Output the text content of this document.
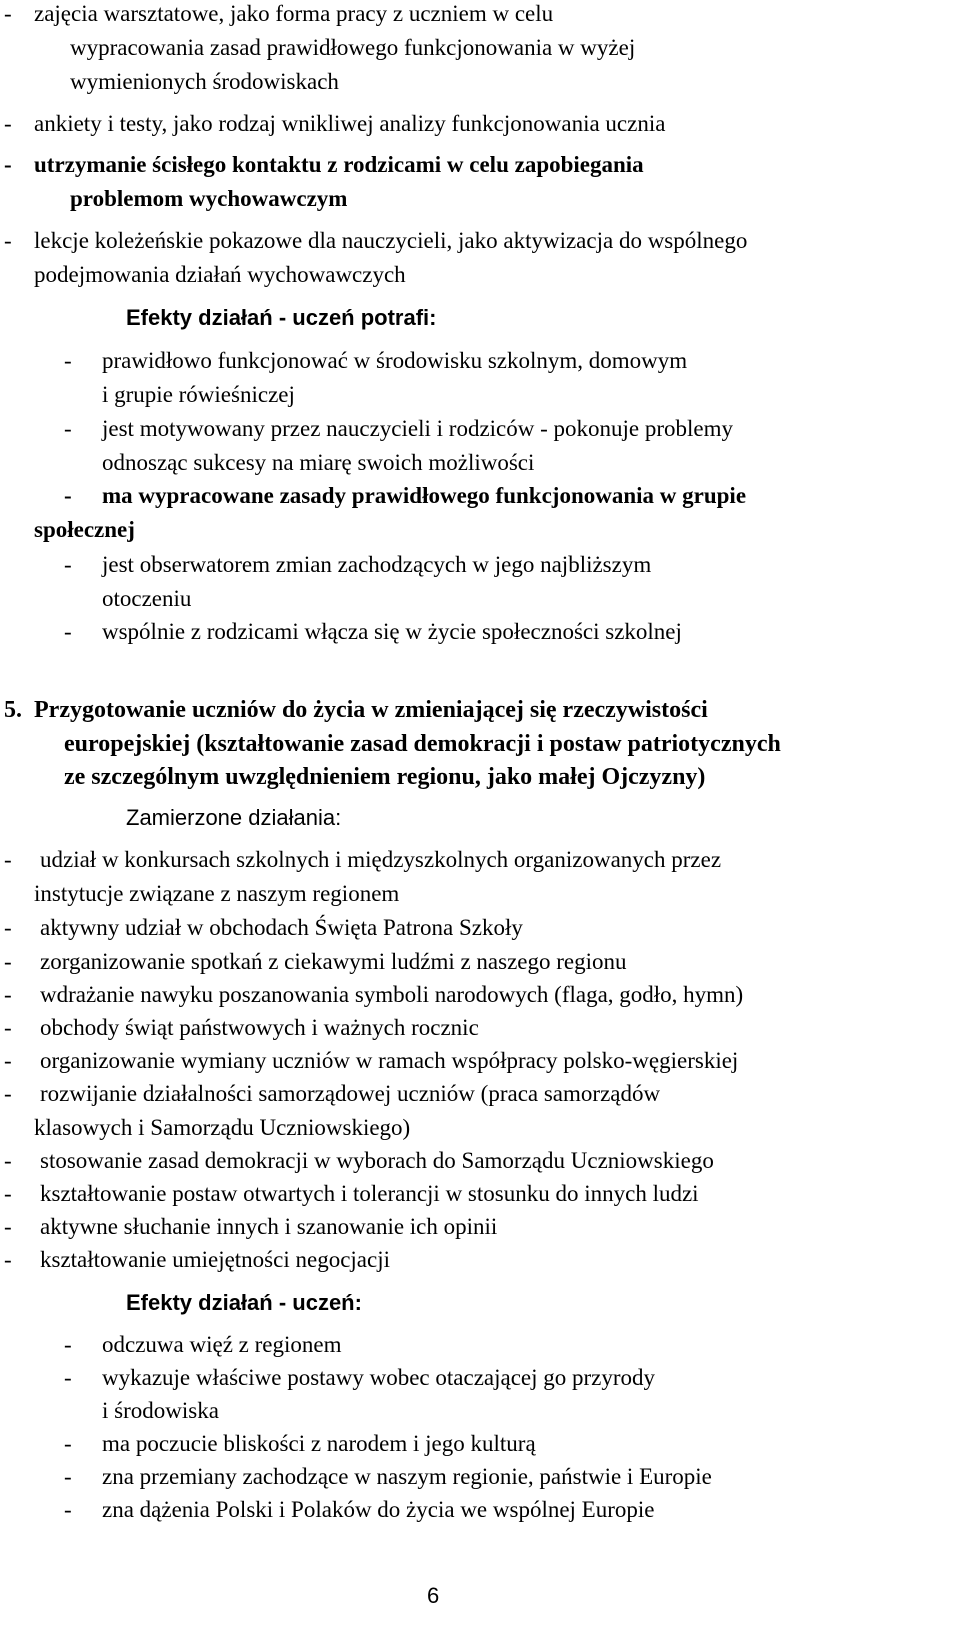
- zajęcia warsztatowe, jako forma pracy z uczniem w celu
wypracowania zasad prawidłowego funkcjonowania w wyżej
wymienionych środowiskach
- ankiety i testy, jako rodzaj wnikliwej analizy funkcjonowania ucznia
- utrzymanie ścisłego kontaktu z rodzicami w celu zapobiegania
problemom wychowawczym
- lekcje koleżeńskie pokazowe dla nauczycieli, jako aktywizacja do wspólnego
podejmowania działań wychowawczych
Efekty działań - uczeń potrafi:
- prawidłowo funkcjonować w środowisku szkolnym, domowym
i grupie rówieśniczej
- jest motywowany przez nauczycieli i rodziców - pokonuje problemy
odnosząc sukcesy na miarę swoich możliwości
- ma wypracowane zasady prawidłowego funkcjonowania w grupie
społecznej
- jest obserwatorem zmian zachodzących w jego najbliższym
otoczeniu
- wspólnie z rodzicami włącza się w życie społeczności szkolnej
5. Przygotowanie uczniów do życia w zmieniającej się rzeczywistości
europejskiej (kształtowanie zasad demokracji i postaw patriotycznych
ze szczególnym uwzględnieniem regionu, jako małej Ojczyzny)
Zamierzone działania:
- udział w konkursach szkolnych i międzyszkolnych organizowanych przez
instytucje związane z naszym regionem
- aktywny udział w obchodach Święta Patrona Szkoły
- zorganizowanie spotkań z ciekawymi ludźmi z naszego regionu
- wdrażanie nawyku poszanowania symboli narodowych (flaga, godło, hymn)
- obchody świąt państwowych i ważnych rocznic
- organizowanie wymiany uczniów w ramach współpracy polsko-węgierskiej
- rozwijanie działalności samorządowej uczniów (praca samorządów
klasowych i Samorządu Uczniowskiego)
- stosowanie zasad demokracji w wyborach do Samorządu Uczniowskiego
- kształtowanie postaw otwartych i tolerancji w stosunku do innych ludzi
- aktywne słuchanie innych i szanowanie ich opinii
- kształtowanie umiejętności negocjacji
Efekty działań - uczeń:
- odczuwa więź z regionem
- wykazuje właściwe postawy wobec otaczającej go przyrody
i środowiska
- ma poczucie bliskości z narodem i jego kulturą
- zna przemiany zachodzące w naszym regionie, państwie i Europie
- zna dążenia Polski i Polaków do życia we wspólnej Europie
6
